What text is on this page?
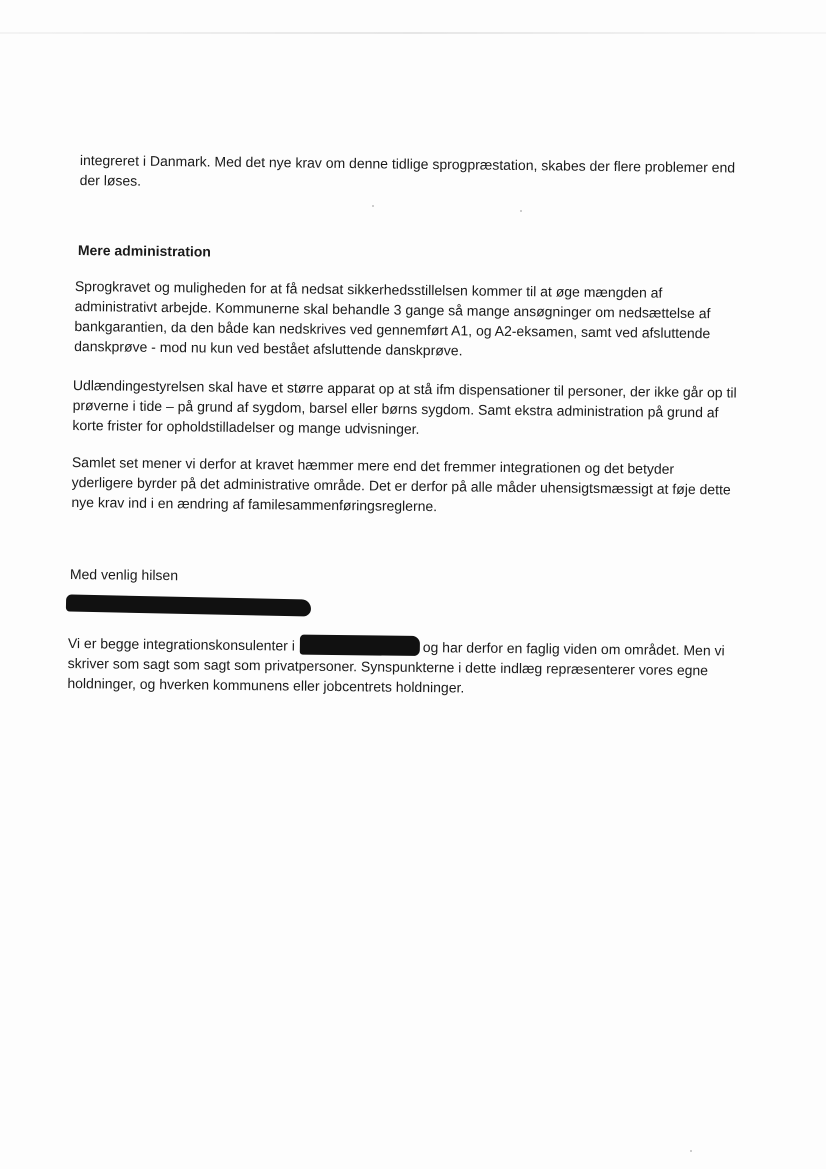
integreret i Danmark. Med det nye krav om denne tidlige sprogpræstation, skabes der flere problemer end

der løses.

Mere administration

Sprogkravet og muligheden for at få nedsat sikkerhedsstillelsen kommer til at øge mængden af

administrativt arbejde. Kommunerne skal behandle 3 gange så mange ansøgninger om nedsættelse af

bankgarantien, da den både kan nedskrives ved gennemført A1, og A2-eksamen, samt ved afsluttende

danskprøve - mod nu kun ved bestået afsluttende danskprøve.

Udlændingestyrelsen skal have et større apparat op at stå ifm dispensationer til personer, der ikke går op til

prøverne i tide – på grund af sygdom, barsel eller børns sygdom. Samt ekstra administration på grund af

korte frister for opholdstilladelser og mange udvisninger.

Samlet set mener vi derfor at kravet hæmmer mere end det fremmer integrationen og det betyder

yderligere byrder på det administrative område. Det er derfor på alle måder uhensigtsmæssigt at føje dette

nye krav ind i en ændring af familesammenføringsreglerne.

Med venlig hilsen

Vi er begge integrationskonsulenter i	og har derfor en faglig viden om området. Men vi

skriver som sagt som sagt som privatpersoner. Synspunkterne i dette indlæg repræsenterer vores egne

holdninger, og hverken kommunens eller jobcentrets holdninger.
